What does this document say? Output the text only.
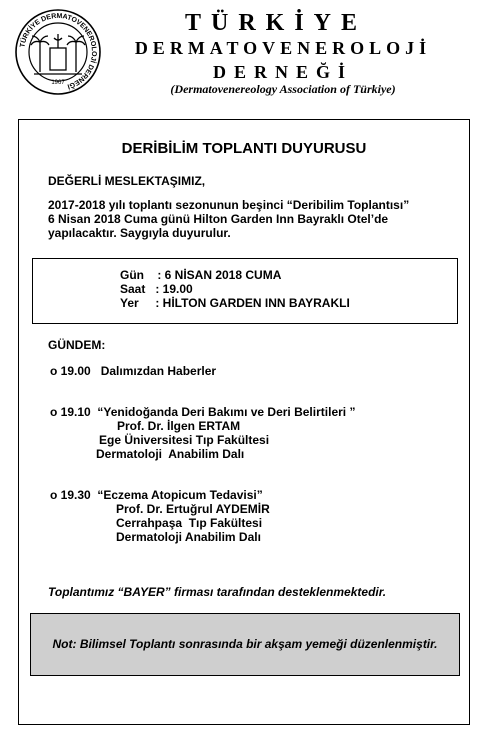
TÜRKİYE DERMATOVENEROLOJİ DERNEĞİ
1967
TÜRKİYE
DERMATOVENEROLOJİ
DERNEĞİ
(Dermatovenereology Association of Türkiye)
DERİBİLİM TOPLANTI DUYURUSU
DEĞERLİ MESLEKTAŞIMIZ,
2017-2018 yılı toplantı sezonunun beşinci “Deribilim Toplantısı”
6 Nisan 2018 Cuma günü Hilton Garden Inn Bayraklı Otel’de
yapılacaktır. Saygıyla duyurulur.
Gün    : 6 NİSAN 2018 CUMA
Saat   : 19.00
Yer     : HİLTON GARDEN INN BAYRAKLI
GÜNDEM:
o 19.00   Dalımızdan Haberler
o 19.10  “Yenidoğanda Deri Bakımı ve Deri Belirtileri ”
Prof. Dr. İlgen ERTAM
Ege Üniversitesi Tıp Fakültesi
Dermatoloji  Anabilim Dalı
o 19.30  “Eczema Atopicum Tedavisi”
Prof. Dr. Ertuğrul AYDEMİR
Cerrahpaşa  Tıp Fakültesi
Dermatoloji Anabilim Dalı
Toplantımız “BAYER” firması tarafından desteklenmektedir.
Not: Bilimsel Toplantı sonrasında bir akşam yemeği düzenlenmiştir.
